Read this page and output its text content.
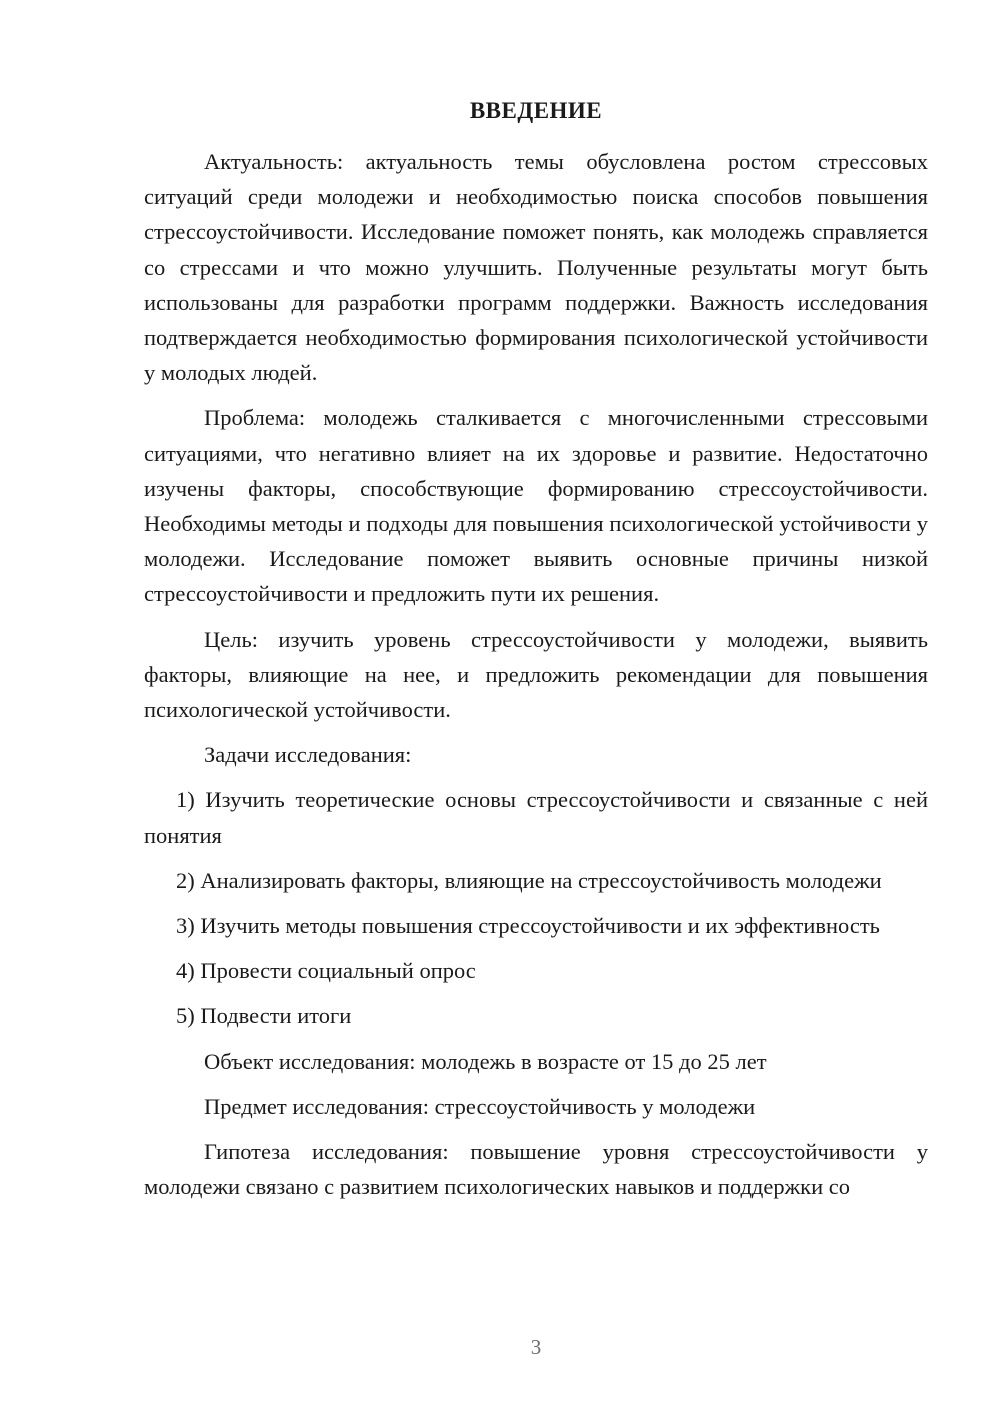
ВВЕДЕНИЕ

Актуальность: актуальность темы обусловлена ростом стрессовых ситуаций среди молодежи и необходимостью поиска способов повышения стрессоустойчивости. Исследование поможет понять, как молодежь справляется со стрессами и что можно улучшить. Полученные результаты могут быть использованы для разработки программ поддержки. Важность исследования подтверждается необходимостью формирования психологической устойчивости у молодых людей.

Проблема: молодежь сталкивается с многочисленными стрессовыми ситуациями, что негативно влияет на их здоровье и развитие. Недостаточно изучены факторы, способствующие формированию стрессоустойчивости. Необходимы методы и подходы для повышения психологической устойчивости у молодежи. Исследование поможет выявить основные причины низкой стрессоустойчивости и предложить пути их решения.

Цель: изучить уровень стрессоустойчивости у молодежи, выявить факторы, влияющие на нее, и предложить рекомендации для повышения психологической устойчивости.

Задачи исследования:

1) Изучить теоретические основы стрессоустойчивости и связанные с ней понятия

2) Анализировать факторы, влияющие на стрессоустойчивость молодежи

3) Изучить методы повышения стрессоустойчивости и их эффективность

4) Провести социальный опрос

5) Подвести итоги

Объект исследования: молодежь в возрасте от 15 до 25 лет

Предмет исследования: стрессоустойчивость у молодежи

Гипотеза исследования: повышение уровня стрессоустойчивости у молодежи связано с развитием психологических навыков и поддержки со

3
